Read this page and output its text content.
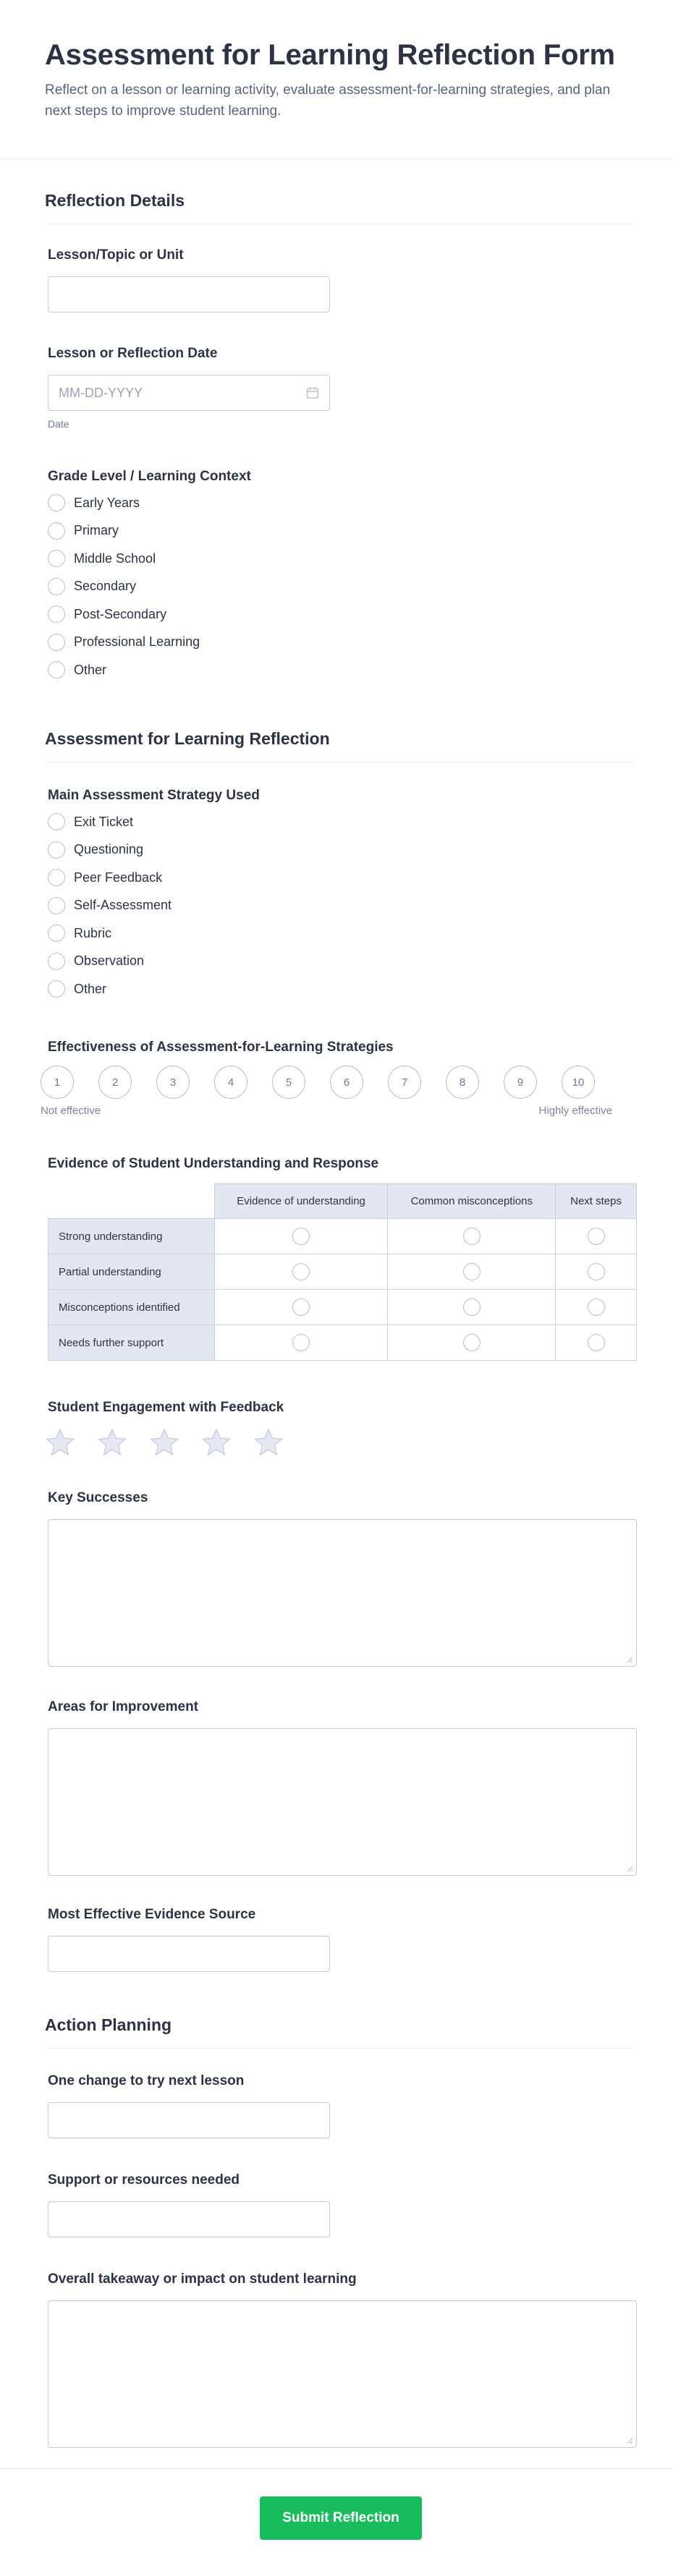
Assessment for Learning Reflection Form

Reflect on a lesson or learning activity, evaluate assessment-for-learning strategies, and plan next steps to improve student learning.

Reflection Details
Lesson/Topic or Unit
Lesson or Reflection Date
MM-DD-YYYY
Date
Grade Level / Learning Context
Early Years
Primary
Middle School
Secondary
Post-Secondary
Professional Learning
Other
Assessment for Learning Reflection
Main Assessment Strategy Used
Exit Ticket
Questioning
Peer Feedback
Self-Assessment
Rubric
Observation
Other
Effectiveness of Assessment-for-Learning Strategies
1	2	3	4	5	6	7	8	9	10
Not effective	Highly effective
Evidence of Student Understanding and Response
	Evidence of understanding	Common misconceptions	Next steps
Strong understanding			
Partial understanding			
Misconceptions identified			
Needs further support			
Student Engagement with Feedback
Key Successes
Areas for Improvement
Most Effective Evidence Source
Action Planning
One change to try next lesson
Support or resources needed
Overall takeaway or impact on student learning
Submit Reflection
